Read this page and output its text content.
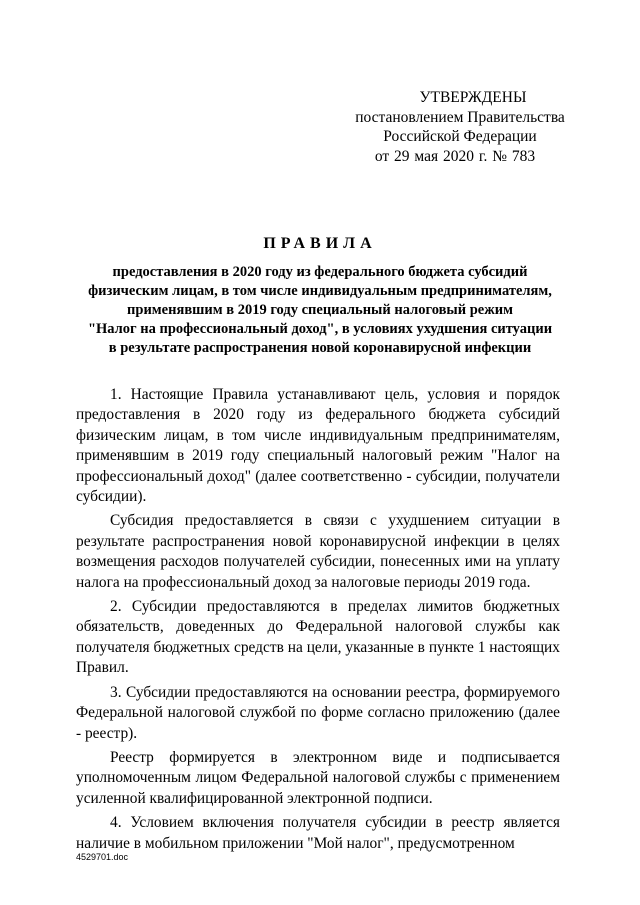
УТВЕРЖДЕНЫ
постановлением Правительства
Российской Федерации
от 29 мая 2020 г. № 783
ПРАВИЛА
предоставления в 2020 году из федерального бюджета субсидий
физическим лицам, в том числе индивидуальным предпринимателям,
применявшим в 2019 году специальный налоговый режим
"Налог на профессиональный доход", в условиях ухудшения ситуации
в результате распространения новой коронавирусной инфекции

1. Настоящие Правила устанавливают цель, условия и порядок предоставления в 2020 году из федерального бюджета субсидий физическим лицам, в том числе индивидуальным предпринимателям, применявшим в 2019 году специальный налоговый режим "Налог на профессиональный доход" (далее соответственно - субсидии, получатели субсидии).

Субсидия предоставляется в связи с ухудшением ситуации в результате распространения новой коронавирусной инфекции в целях возмещения расходов получателей субсидии, понесенных ими на уплату налога на профессиональный доход за налоговые периоды 2019 года.

2. Субсидии предоставляются в пределах лимитов бюджетных обязательств, доведенных до Федеральной налоговой службы как получателя бюджетных средств на цели, указанные в пункте 1 настоящих Правил.

3. Субсидии предоставляются на основании реестра, формируемого Федеральной налоговой службой по форме согласно приложению (далее - реестр).

Реестр формируется в электронном виде и подписывается уполномоченным лицом Федеральной налоговой службы с применением усиленной квалифицированной электронной подписи.

4. Условием включения получателя субсидии в реестр является наличие в мобильном приложении "Мой налог", предусмотренном

4529701.doc
